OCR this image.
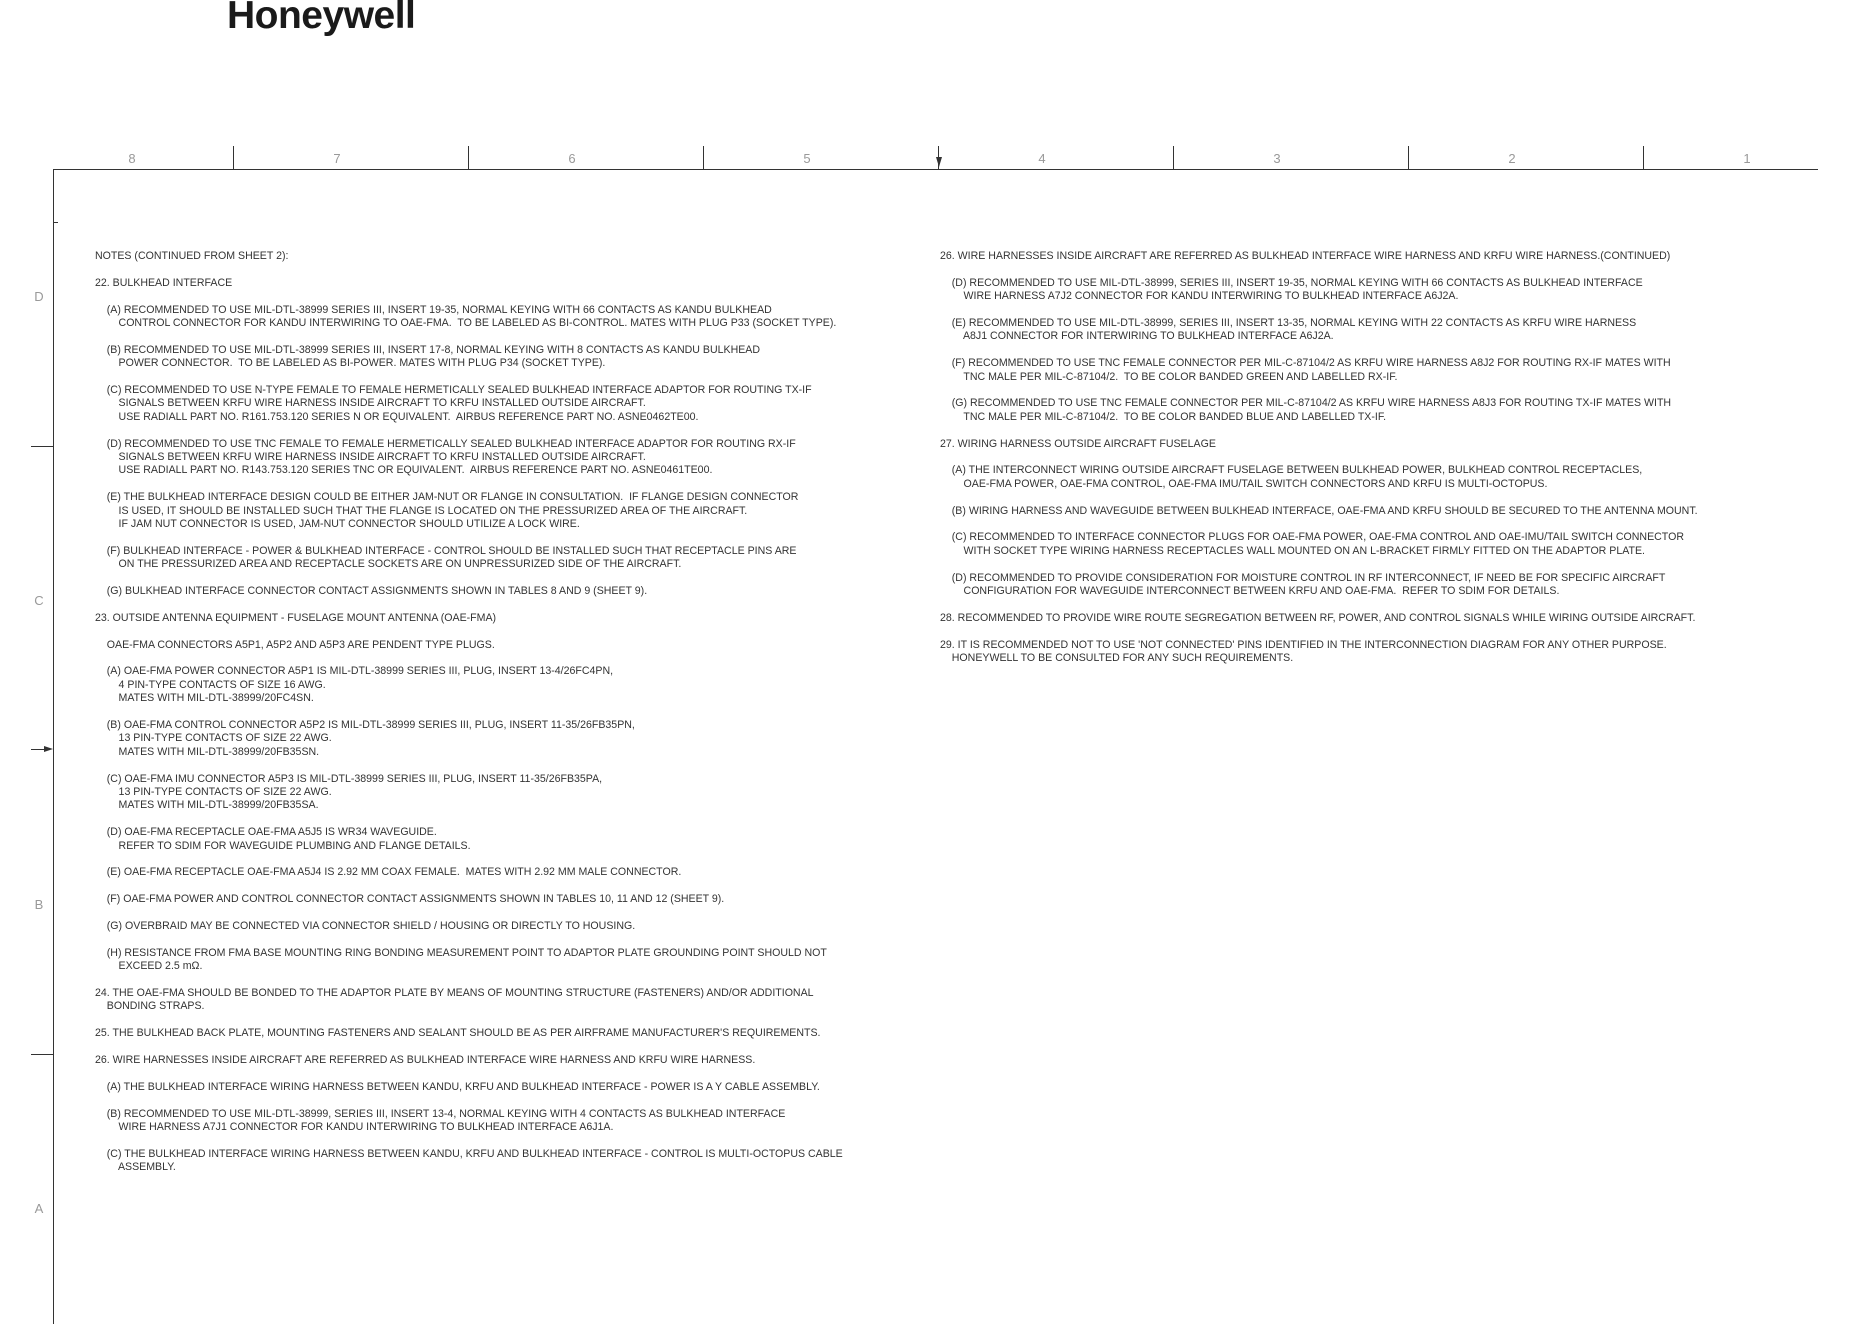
Honeywell
8	7	6	5	4	3	2	1
D
C
B
A

NOTES (CONTINUED FROM SHEET 2):

22. BULKHEAD INTERFACE

(A) RECOMMENDED TO USE MIL-DTL-38999 SERIES III, INSERT 19-35, NORMAL KEYING WITH 66 CONTACTS AS KANDU BULKHEAD
CONTROL CONNECTOR FOR KANDU INTERWIRING TO OAE-FMA.  TO BE LABELED AS BI-CONTROL. MATES WITH PLUG P33 (SOCKET TYPE).

(B) RECOMMENDED TO USE MIL-DTL-38999 SERIES III, INSERT 17-8, NORMAL KEYING WITH 8 CONTACTS AS KANDU BULKHEAD
POWER CONNECTOR.  TO BE LABELED AS BI-POWER. MATES WITH PLUG P34 (SOCKET TYPE).

(C) RECOMMENDED TO USE N-TYPE FEMALE TO FEMALE HERMETICALLY SEALED BULKHEAD INTERFACE ADAPTOR FOR ROUTING TX-IF
SIGNALS BETWEEN KRFU WIRE HARNESS INSIDE AIRCRAFT TO KRFU INSTALLED OUTSIDE AIRCRAFT.
USE RADIALL PART NO. R161.753.120 SERIES N OR EQUIVALENT.  AIRBUS REFERENCE PART NO. ASNE0462TE00.

(D) RECOMMENDED TO USE TNC FEMALE TO FEMALE HERMETICALLY SEALED BULKHEAD INTERFACE ADAPTOR FOR ROUTING RX-IF
SIGNALS BETWEEN KRFU WIRE HARNESS INSIDE AIRCRAFT TO KRFU INSTALLED OUTSIDE AIRCRAFT.
USE RADIALL PART NO. R143.753.120 SERIES TNC OR EQUIVALENT.  AIRBUS REFERENCE PART NO. ASNE0461TE00.

(E) THE BULKHEAD INTERFACE DESIGN COULD BE EITHER JAM-NUT OR FLANGE IN CONSULTATION.  IF FLANGE DESIGN CONNECTOR
IS USED, IT SHOULD BE INSTALLED SUCH THAT THE FLANGE IS LOCATED ON THE PRESSURIZED AREA OF THE AIRCRAFT.
IF JAM NUT CONNECTOR IS USED, JAM-NUT CONNECTOR SHOULD UTILIZE A LOCK WIRE.

(F) BULKHEAD INTERFACE - POWER & BULKHEAD INTERFACE - CONTROL SHOULD BE INSTALLED SUCH THAT RECEPTACLE PINS ARE
ON THE PRESSURIZED AREA AND RECEPTACLE SOCKETS ARE ON UNPRESSURIZED SIDE OF THE AIRCRAFT.

(G) BULKHEAD INTERFACE CONNECTOR CONTACT ASSIGNMENTS SHOWN IN TABLES 8 AND 9 (SHEET 9).

23. OUTSIDE ANTENNA EQUIPMENT - FUSELAGE MOUNT ANTENNA (OAE-FMA)

OAE-FMA CONNECTORS A5P1, A5P2 AND A5P3 ARE PENDENT TYPE PLUGS.

(A) OAE-FMA POWER CONNECTOR A5P1 IS MIL-DTL-38999 SERIES III, PLUG, INSERT 13-4/26FC4PN,
4 PIN-TYPE CONTACTS OF SIZE 16 AWG.
MATES WITH MIL-DTL-38999/20FC4SN.

(B) OAE-FMA CONTROL CONNECTOR A5P2 IS MIL-DTL-38999 SERIES III, PLUG, INSERT 11-35/26FB35PN,
13 PIN-TYPE CONTACTS OF SIZE 22 AWG.
MATES WITH MIL-DTL-38999/20FB35SN.

(C) OAE-FMA IMU CONNECTOR A5P3 IS MIL-DTL-38999 SERIES III, PLUG, INSERT 11-35/26FB35PA,
13 PIN-TYPE CONTACTS OF SIZE 22 AWG.
MATES WITH MIL-DTL-38999/20FB35SA.

(D) OAE-FMA RECEPTACLE OAE-FMA A5J5 IS WR34 WAVEGUIDE.
REFER TO SDIM FOR WAVEGUIDE PLUMBING AND FLANGE DETAILS.

(E) OAE-FMA RECEPTACLE OAE-FMA A5J4 IS 2.92 MM COAX FEMALE.  MATES WITH 2.92 MM MALE CONNECTOR.

(F) OAE-FMA POWER AND CONTROL CONNECTOR CONTACT ASSIGNMENTS SHOWN IN TABLES 10, 11 AND 12 (SHEET 9).

(G) OVERBRAID MAY BE CONNECTED VIA CONNECTOR SHIELD / HOUSING OR DIRECTLY TO HOUSING.

(H) RESISTANCE FROM FMA BASE MOUNTING RING BONDING MEASUREMENT POINT TO ADAPTOR PLATE GROUNDING POINT SHOULD NOT
EXCEED 2.5 mΩ.

24. THE OAE-FMA SHOULD BE BONDED TO THE ADAPTOR PLATE BY MEANS OF MOUNTING STRUCTURE (FASTENERS) AND/OR ADDITIONAL
BONDING STRAPS.

25. THE BULKHEAD BACK PLATE, MOUNTING FASTENERS AND SEALANT SHOULD BE AS PER AIRFRAME MANUFACTURER'S REQUIREMENTS.

26. WIRE HARNESSES INSIDE AIRCRAFT ARE REFERRED AS BULKHEAD INTERFACE WIRE HARNESS AND KRFU WIRE HARNESS.

(A) THE BULKHEAD INTERFACE WIRING HARNESS BETWEEN KANDU, KRFU AND BULKHEAD INTERFACE - POWER IS A Y CABLE ASSEMBLY.

(B) RECOMMENDED TO USE MIL-DTL-38999, SERIES III, INSERT 13-4, NORMAL KEYING WITH 4 CONTACTS AS BULKHEAD INTERFACE
WIRE HARNESS A7J1 CONNECTOR FOR KANDU INTERWIRING TO BULKHEAD INTERFACE A6J1A.

(C) THE BULKHEAD INTERFACE WIRING HARNESS BETWEEN KANDU, KRFU AND BULKHEAD INTERFACE - CONTROL IS MULTI-OCTOPUS CABLE
ASSEMBLY.

26. WIRE HARNESSES INSIDE AIRCRAFT ARE REFERRED AS BULKHEAD INTERFACE WIRE HARNESS AND KRFU WIRE HARNESS.(CONTINUED)

(D) RECOMMENDED TO USE MIL-DTL-38999, SERIES III, INSERT 19-35, NORMAL KEYING WITH 66 CONTACTS AS BULKHEAD INTERFACE
WIRE HARNESS A7J2 CONNECTOR FOR KANDU INTERWIRING TO BULKHEAD INTERFACE A6J2A.

(E) RECOMMENDED TO USE MIL-DTL-38999, SERIES III, INSERT 13-35, NORMAL KEYING WITH 22 CONTACTS AS KRFU WIRE HARNESS
A8J1 CONNECTOR FOR INTERWIRING TO BULKHEAD INTERFACE A6J2A.

(F) RECOMMENDED TO USE TNC FEMALE CONNECTOR PER MIL-C-87104/2 AS KRFU WIRE HARNESS A8J2 FOR ROUTING RX-IF MATES WITH
TNC MALE PER MIL-C-87104/2.  TO BE COLOR BANDED GREEN AND LABELLED RX-IF.

(G) RECOMMENDED TO USE TNC FEMALE CONNECTOR PER MIL-C-87104/2 AS KRFU WIRE HARNESS A8J3 FOR ROUTING TX-IF MATES WITH
TNC MALE PER MIL-C-87104/2.  TO BE COLOR BANDED BLUE AND LABELLED TX-IF.

27. WIRING HARNESS OUTSIDE AIRCRAFT FUSELAGE

(A) THE INTERCONNECT WIRING OUTSIDE AIRCRAFT FUSELAGE BETWEEN BULKHEAD POWER, BULKHEAD CONTROL RECEPTACLES,
OAE-FMA POWER, OAE-FMA CONTROL, OAE-FMA IMU/TAIL SWITCH CONNECTORS AND KRFU IS MULTI-OCTOPUS.

(B) WIRING HARNESS AND WAVEGUIDE BETWEEN BULKHEAD INTERFACE, OAE-FMA AND KRFU SHOULD BE SECURED TO THE ANTENNA MOUNT.

(C) RECOMMENDED TO INTERFACE CONNECTOR PLUGS FOR OAE-FMA POWER, OAE-FMA CONTROL AND OAE-IMU/TAIL SWITCH CONNECTOR
WITH SOCKET TYPE WIRING HARNESS RECEPTACLES WALL MOUNTED ON AN L-BRACKET FIRMLY FITTED ON THE ADAPTOR PLATE.

(D) RECOMMENDED TO PROVIDE CONSIDERATION FOR MOISTURE CONTROL IN RF INTERCONNECT, IF NEED BE FOR SPECIFIC AIRCRAFT
CONFIGURATION FOR WAVEGUIDE INTERCONNECT BETWEEN KRFU AND OAE-FMA.  REFER TO SDIM FOR DETAILS.

28. RECOMMENDED TO PROVIDE WIRE ROUTE SEGREGATION BETWEEN RF, POWER, AND CONTROL SIGNALS WHILE WIRING OUTSIDE AIRCRAFT.

29. IT IS RECOMMENDED NOT TO USE 'NOT CONNECTED' PINS IDENTIFIED IN THE INTERCONNECTION DIAGRAM FOR ANY OTHER PURPOSE.
HONEYWELL TO BE CONSULTED FOR ANY SUCH REQUIREMENTS.
